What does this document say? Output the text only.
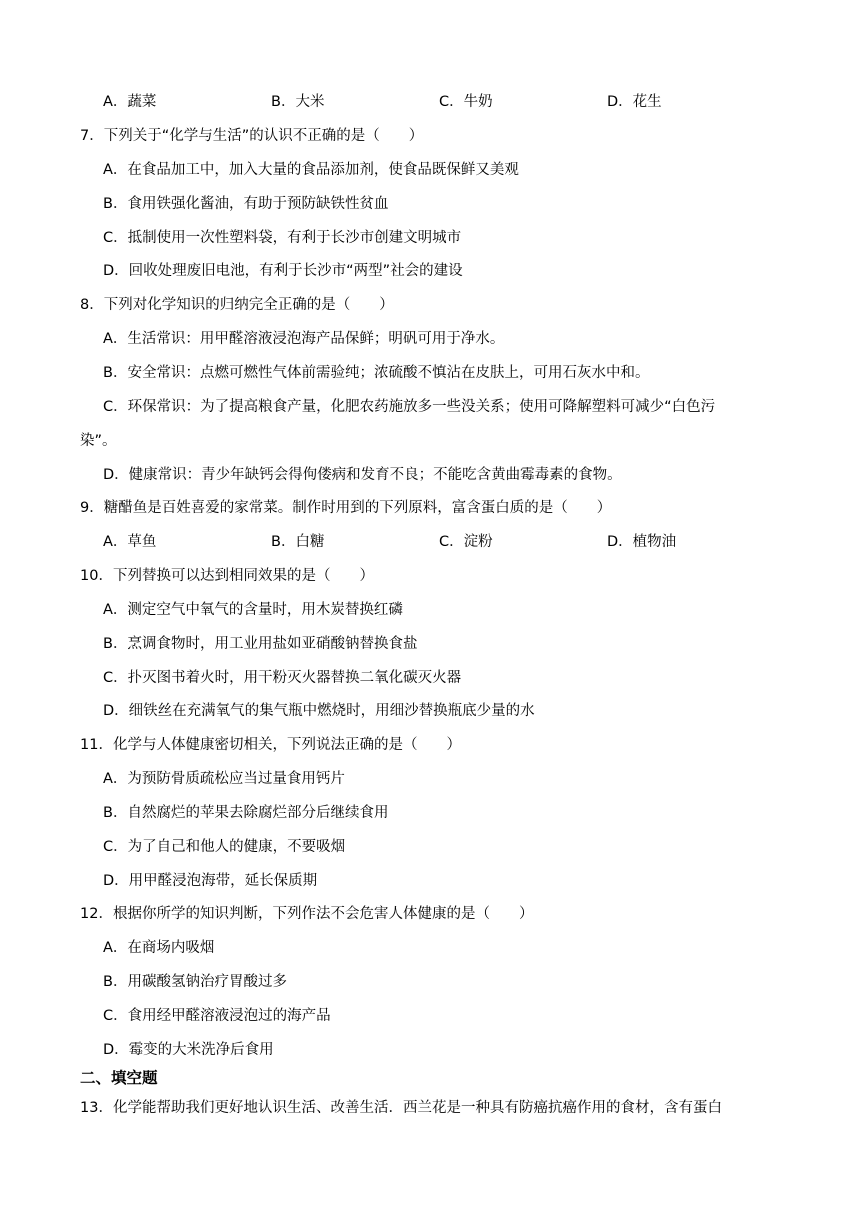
A．蔬菜	B．大米	C．牛奶	D．花生
7．下列关于“化学与生活”的认识不正确的是（　　）
A．在食品加工中，加入大量的食品添加剂，使食品既保鲜又美观
B．食用铁强化酱油，有助于预防缺铁性贫血
C．抵制使用一次性塑料袋，有利于长沙市创建文明城市
D．回收处理废旧电池，有利于长沙市“两型”社会的建设
8．下列对化学知识的归纳完全正确的是（　　）
A．生活常识：用甲醛溶液浸泡海产品保鲜；明矾可用于净水。
B．安全常识：点燃可燃性气体前需验纯；浓硫酸不慎沾在皮肤上，可用石灰水中和。
C．环保常识：为了提高粮食产量，化肥农药施放多一些没关系；使用可降解塑料可减少“白色污
染”。
D．健康常识：青少年缺钙会得佝偻病和发育不良；不能吃含黄曲霉毒素的食物。
9．糖醋鱼是百姓喜爱的家常菜。制作时用到的下列原料，富含蛋白质的是（　　）
A．草鱼	B．白糖	C．淀粉	D．植物油
10．下列替换可以达到相同效果的是（　　）
A．测定空气中氧气的含量时，用木炭替换红磷
B．烹调食物时，用工业用盐如亚硝酸钠替换食盐
C．扑灭图书着火时，用干粉灭火器替换二氧化碳灭火器
D．细铁丝在充满氧气的集气瓶中燃烧时，用细沙替换瓶底少量的水
11．化学与人体健康密切相关，下列说法正确的是（　　）
A．为预防骨质疏松应当过量食用钙片
B．自然腐烂的苹果去除腐烂部分后继续食用
C．为了自己和他人的健康，不要吸烟
D．用甲醛浸泡海带，延长保质期
12．根据你所学的知识判断，下列作法不会危害人体健康的是（　　）
A．在商场内吸烟
B．用碳酸氢钠治疗胃酸过多
C．食用经甲醛溶液浸泡过的海产品
D．霉变的大米洗净后食用
二、填空题
13．化学能帮助我们更好地认识生活、改善生活．西兰花是一种具有防癌抗癌作用的食材，含有蛋白
